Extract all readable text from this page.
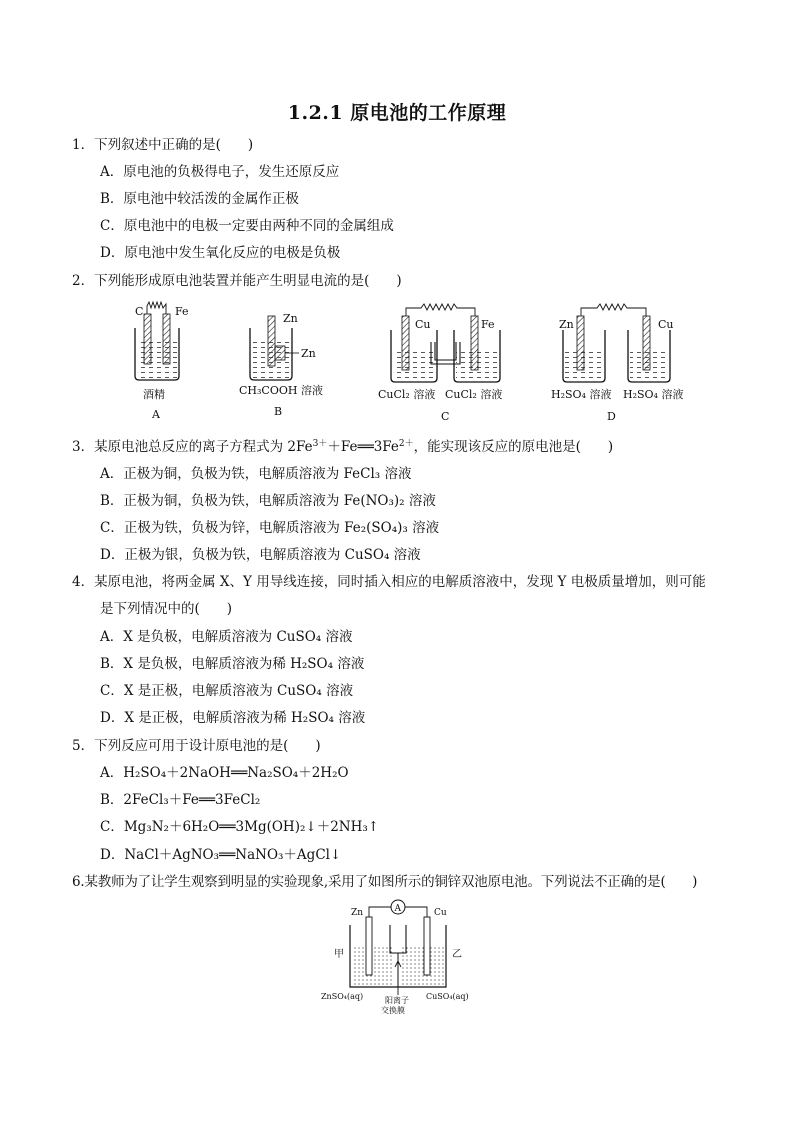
1.2.1 原电池的工作原理
1．下列叙述中正确的是(　　)
A．原电池的负极得电子，发生还原反应
B．原电池中较活泼的金属作正极
C．原电池中的电极一定要由两种不同的金属组成
D．原电池中发生氧化反应的电极是负极
2．下列能形成原电池装置并能产生明显电流的是(　　)
C	Fe
酒精
A
Zn
Zn
CH₃COOH 溶液
B
Cu	Fe
CuCl₂ 溶液 CuCl₂ 溶液
C
Zn	Cu
H₂SO₄ 溶液 H₂SO₄ 溶液
D
3．某原电池总反应的离子方程式为 $2Fe^{3+}+Fe══3Fe^{2+}$，能实现该反应的原电池是(　　)
A．正极为铜，负极为铁，电解质溶液为 FeCl₃ 溶液
B．正极为铜，负极为铁，电解质溶液为 Fe(NO₃)₂ 溶液
C．正极为铁，负极为锌，电解质溶液为 Fe₂(SO₄)₃ 溶液
D．正极为银，负极为铁，电解质溶液为 CuSO₄ 溶液
4．某原电池，将两金属 X、Y 用导线连接，同时插入相应的电解质溶液中，发现 Y 电极质量增加，则可能
是下列情况中的(　　)
A．X 是负极，电解质溶液为 CuSO₄ 溶液
B．X 是负极，电解质溶液为稀 H₂SO₄ 溶液
C．X 是正极，电解质溶液为 CuSO₄ 溶液
D．X 是正极，电解质溶液为稀 H₂SO₄ 溶液
5．下列反应可用于设计原电池的是(　　)
A．H₂SO₄＋2NaOH══Na₂SO₄＋2H₂O
B．2FeCl₃＋Fe══3FeCl₂
C．Mg₃N₂＋6H₂O══3Mg(OH)₂↓＋2NH₃↑
D．NaCl＋AgNO₃══NaNO₃＋AgCl↓
6.某教师为了让学生观察到明显的实验现象,采用了如图所示的铜锌双池原电池。下列说法不正确的是(　　)
A
Zn	Cu
甲	乙
ZnSO₄(aq)	CuSO₄(aq)
阳离子
交换膜
